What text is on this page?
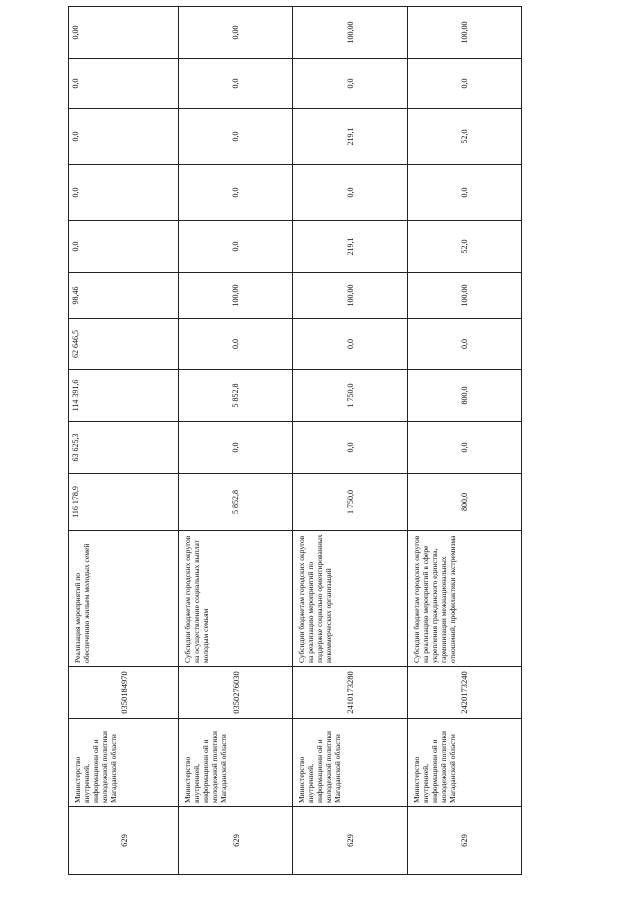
629	Министерство внутренней, информационн ой и молодежной политики Магаданской области	0350184970	Реализация мероприятий по обеспечению жильем молодых семей	116 178,9	63 625,3	114 391,6	62 646,5	98,46	0,0	0,0	0,0	0,0	0,00
629	Министерство внутренней, информационн ой и молодежной политики Магаданской области	0350276030	Субсидии бюджетам городских округов на осуществление социальных выплат молодым семьям	5 852,8	0,0	5 852,8	0,0	100,00	0,0	0,0	0,0	0,0	0,00
629	Министерство внутренней, информационн ой и молодежной политики Магаданской области	2410173280	Субсидии бюджетам городских округов на реализацию мероприятий по поддержке социально ориентированных некоммерческих организаций	1 750,0	0,0	1 750,0	0,0	100,00	219,1	0,0	219,1	0,0	100,00
629	Министерство внутренней, информационн ой и молодежной политики Магаданской области	2420173240	Субсидии бюджетам городских округов на реализацию мероприятий в сфере укрепления гражданского единства, гармонизации межнациональных отношений, профилактики экстремизма	800,0	0,0	800,0	0,0	100,00	52,0	0,0	52,0	0,0	100,00
